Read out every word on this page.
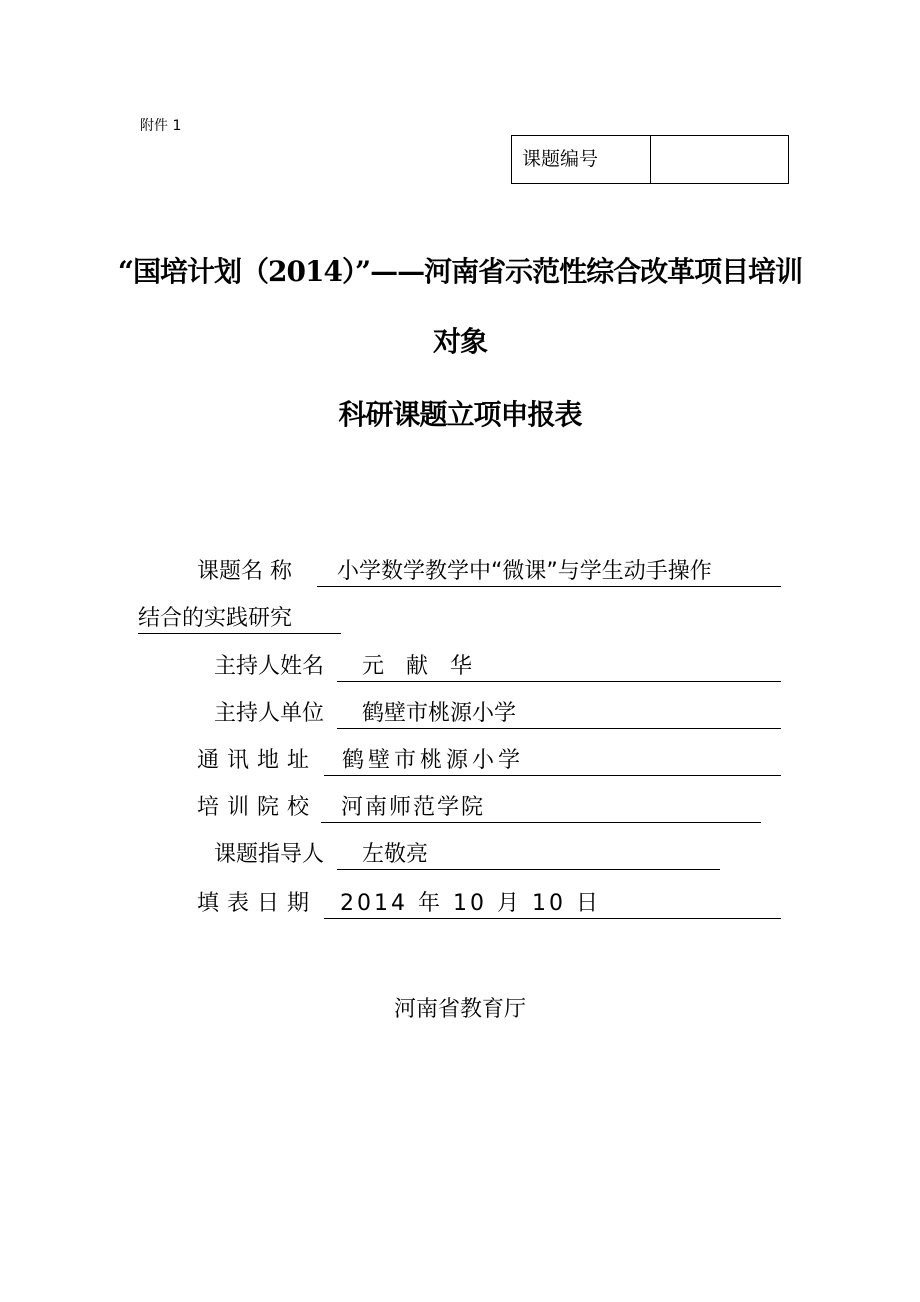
附件 1
课题编号
“国培计划（2014）”——河南省示范性综合改革项目培训
对象
科研课题立项申报表
课题名 称	小学数学教学中“微课”与学生动手操作
结合的实践研究
主持人姓名	元　献　华
主持人单位	鹤壁市桃源小学
通讯地址	鹤壁市桃源小学
培训院校	河南师范学院
课题指导人	左敬亮
填表日期	2014 年 10 月 10 日
河南省教育厅
